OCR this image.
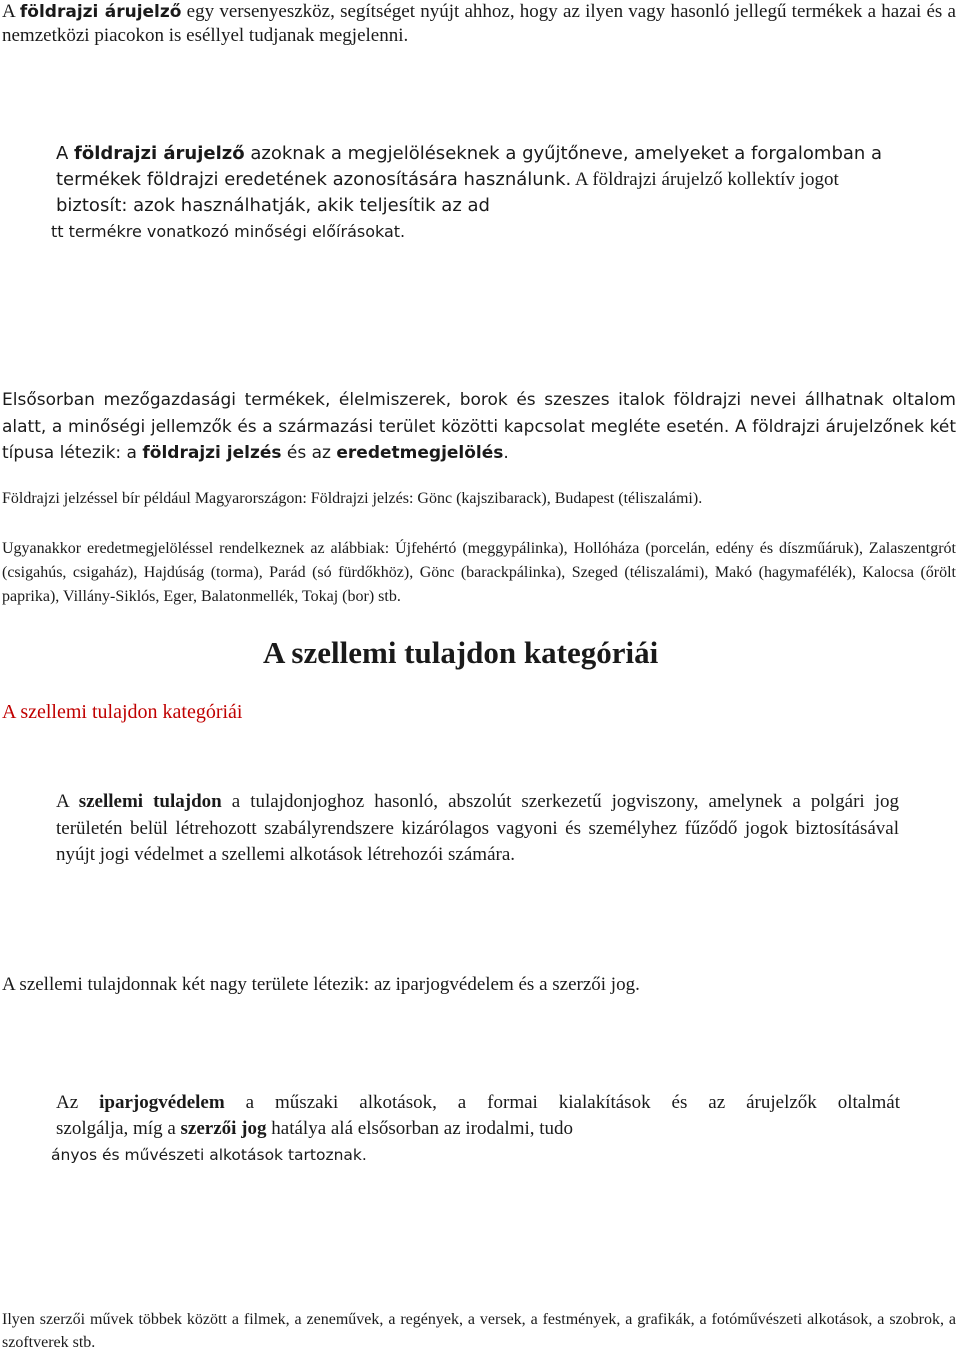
A földrajzi árujelző egy versenyeszköz, segítséget nyújt ahhoz, hogy az ilyen vagy hasonló jellegű termékek a hazai és a nemzetközi piacokon is eséllyel tudjanak megjelenni.

A földrajzi árujelző azoknak a megjelöléseknek a gyűjtőneve, amelyeket a forgalomban a
termékek földrajzi eredetének azonosítására használunk. A földrajzi árujelző kollektív jogot
biztosít: azok használhatják, akik teljesítik az ad
tt termékre vonatkozó minőségi előírásokat.

Elsősorban mezőgazdasági termékek, élelmiszerek, borok és szeszes italok földrajzi nevei állhatnak oltalom alatt, a minőségi jellemzők és a származási terület közötti kapcsolat megléte esetén. A földrajzi árujelzőnek két típusa létezik: a földrajzi jelzés és az eredetmegjelölés.

Földrajzi jelzéssel bír például Magyarországon: Földrajzi jelzés: Gönc (kajszibarack), Budapest (téliszalámi).

Ugyanakkor eredetmegjelöléssel rendelkeznek az alábbiak: Újfehértó (meggypálinka), Hollóháza (porcelán, edény és díszműáruk), Zalaszentgrót (csigahús, csigaház), Hajdúság (torma), Parád (só fürdőkhöz), Gönc (barackpálinka), Szeged (téliszalámi), Makó (hagymafélék), Kalocsa (őrölt paprika), Villány-Siklós, Eger, Balatonmellék, Tokaj (bor) stb.

A szellemi tulajdon kategóriái
A szellemi tulajdon kategóriái

A szellemi tulajdon a tulajdonjoghoz hasonló, abszolút szerkezetű jogviszony, amelynek a polgári jog területén belül létrehozott szabályrendszere kizárólagos vagyoni és személyhez fűződő jogok biztosításával nyújt jogi védelmet a szellemi alkotások létrehozói számára.

A szellemi tulajdonnak két nagy területe létezik: az iparjogvédelem és a szerzői jog.

Az iparjogvédelem a műszaki alkotások, a formai kialakítások és az árujelzők oltalmát
szolgálja, míg a szerzői jog hatálya alá elsősorban az irodalmi, tudo
ányos és művészeti alkotások tartoznak.

Ilyen szerzői művek többek között a filmek, a zeneművek, a regények, a versek, a festmények, a grafikák, a fotóművészeti alkotások, a szobrok, a szoftverek stb.
